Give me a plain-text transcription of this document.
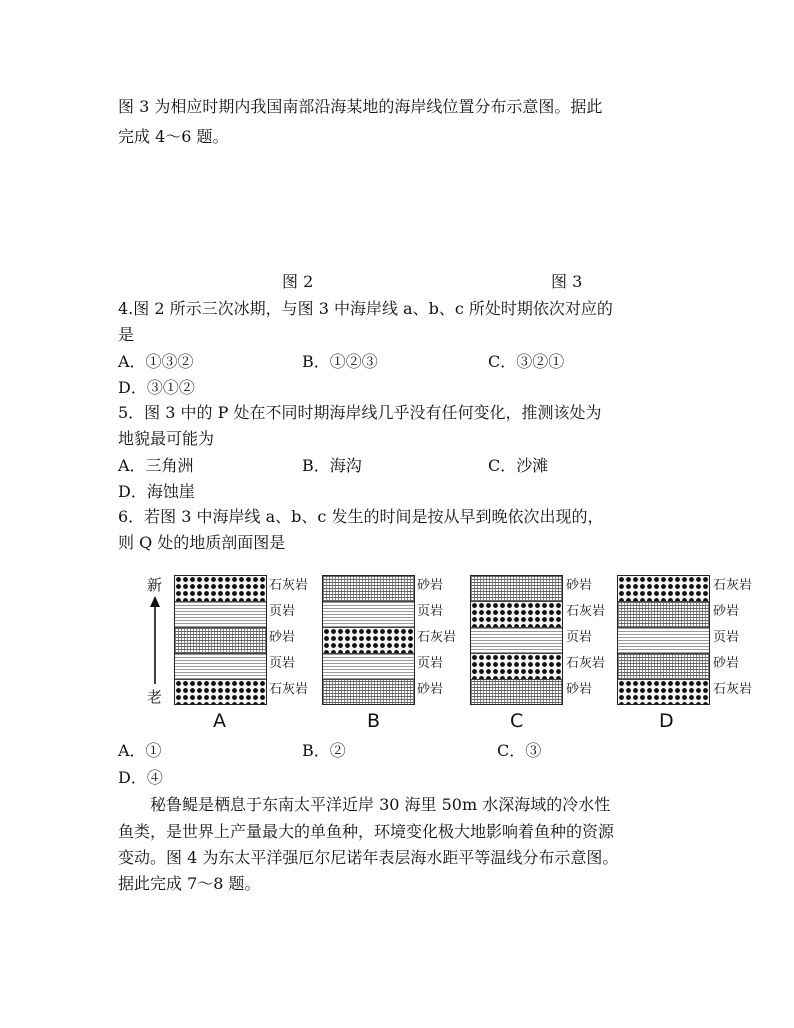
图 3 为相应时期内我国南部沿海某地的海岸线位置分布示意图。据此
完成 4～6 题。
图 2	图 3
4.图 2 所示三次冰期，与图 3 中海岸线 a、b、c 所处时期依次对应的
是
A．①③②	B．①②③	C．③②①
D．③①②
5．图 3 中的 P 处在不同时期海岸线几乎没有任何变化，推测该处为
地貌最可能为
A．三角洲	B．海沟	C．沙滩
D．海蚀崖
6．若图 3 中海岸线 a、b、c 发生的时间是按从早到晚依次出现的，
则 Q 处的地质剖面图是
新
老
石灰岩
页岩
砂岩
页岩
石灰岩
A
砂岩
页岩
石灰岩
页岩
砂岩
B
砂岩
石灰岩
页岩
石灰岩
砂岩
C
石灰岩
砂岩
页岩
砂岩
石灰岩
D
A．①	B．②	C．③
D．④
秘鲁鳀是栖息于东南太平洋近岸 30 海里 50m 水深海域的冷水性
鱼类，是世界上产量最大的单鱼种，环境变化极大地影响着鱼种的资源
变动。图 4 为东太平洋强厄尔尼诺年表层海水距平等温线分布示意图。
据此完成 7～8 题。
